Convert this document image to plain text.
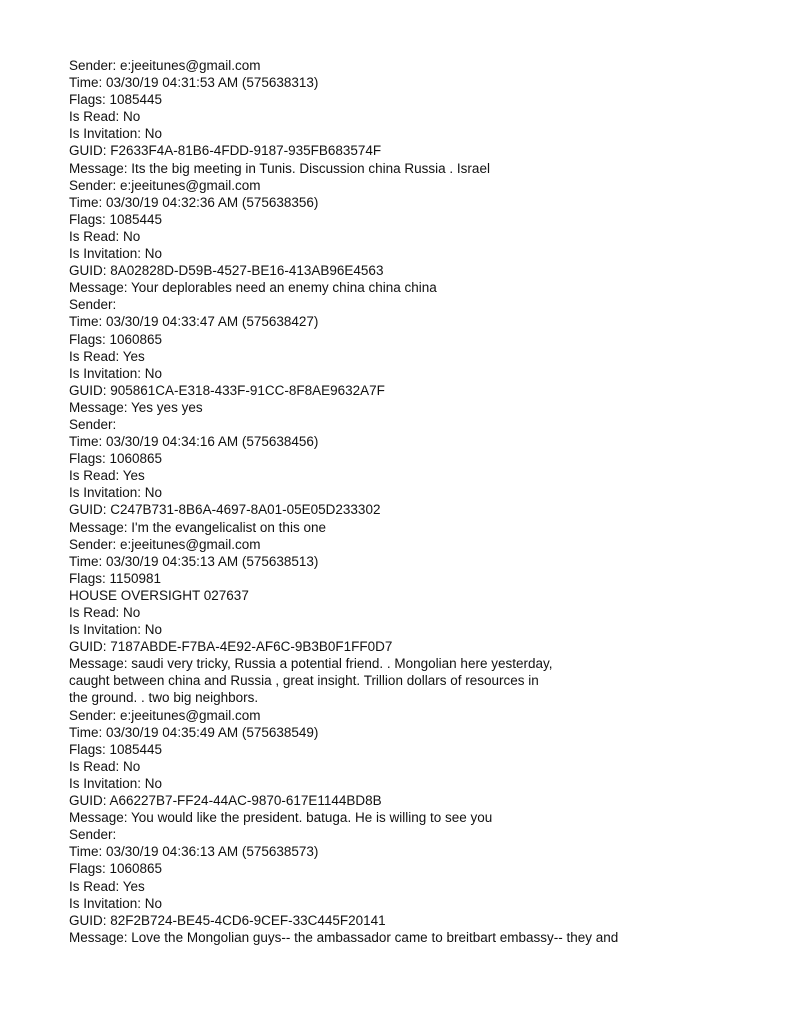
Sender: e:jeeitunes@gmail.com
Time: 03/30/19 04:31:53 AM (575638313)
Flags: 1085445
Is Read: No
Is Invitation: No
GUID: F2633F4A-81B6-4FDD-9187-935FB683574F
Message: Its the big meeting in Tunis. Discussion china Russia . Israel
Sender: e:jeeitunes@gmail.com
Time: 03/30/19 04:32:36 AM (575638356)
Flags: 1085445
Is Read: No
Is Invitation: No
GUID: 8A02828D-D59B-4527-BE16-413AB96E4563
Message: Your deplorables need an enemy china china china
Sender:
Time: 03/30/19 04:33:47 AM (575638427)
Flags: 1060865
Is Read: Yes
Is Invitation: No
GUID: 905861CA-E318-433F-91CC-8F8AE9632A7F
Message: Yes yes yes
Sender:
Time: 03/30/19 04:34:16 AM (575638456)
Flags: 1060865
Is Read: Yes
Is Invitation: No
GUID: C247B731-8B6A-4697-8A01-05E05D233302
Message: I'm the evangelicalist on this one
Sender: e:jeeitunes@gmail.com
Time: 03/30/19 04:35:13 AM (575638513)
Flags: 1150981
HOUSE OVERSIGHT 027637
Is Read: No
Is Invitation: No
GUID: 7187ABDE-F7BA-4E92-AF6C-9B3B0F1FF0D7
Message: saudi very tricky, Russia a potential friend. . Mongolian here yesterday,
caught between china and Russia , great insight. Trillion dollars of resources in
the ground. . two big neighbors.
Sender: e:jeeitunes@gmail.com
Time: 03/30/19 04:35:49 AM (575638549)
Flags: 1085445
Is Read: No
Is Invitation: No
GUID: A66227B7-FF24-44AC-9870-617E1144BD8B
Message: You would like the president. batuga. He is willing to see you
Sender:
Time: 03/30/19 04:36:13 AM (575638573)
Flags: 1060865
Is Read: Yes
Is Invitation: No
GUID: 82F2B724-BE45-4CD6-9CEF-33C445F20141
Message: Love the Mongolian guys-- the ambassador came to breitbart embassy-- they and
